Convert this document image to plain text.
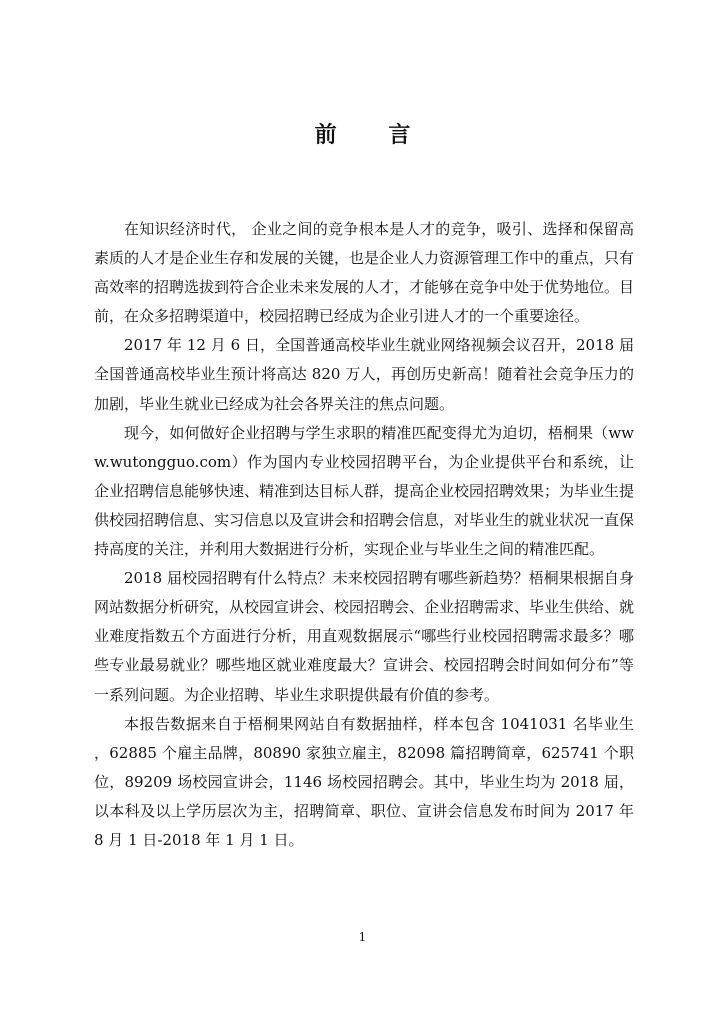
前 言

在知识经济时代， 企业之间的竞争根本是人才的竞争，吸引、选择和保留高素质的人才是企业生存和发展的关键，也是企业人力资源管理工作中的重点，只有高效率的招聘选拔到符合企业未来发展的人才，才能够在竞争中处于优势地位。目前，在众多招聘渠道中，校园招聘已经成为企业引进人才的一个重要途径。

2017 年 12 月 6 日，全国普通高校毕业生就业网络视频会议召开，2018 届全国普通高校毕业生预计将高达 820 万人，再创历史新高！随着社会竞争压力的加剧，毕业生就业已经成为社会各界关注的焦点问题。

现今，如何做好企业招聘与学生求职的精准匹配变得尤为迫切，梧桐果（www.wutongguo.com）作为国内专业校园招聘平台，为企业提供平台和系统，让企业招聘信息能够快速、精准到达目标人群，提高企业校园招聘效果；为毕业生提供校园招聘信息、实习信息以及宣讲会和招聘会信息，对毕业生的就业状况一直保持高度的关注，并利用大数据进行分析，实现企业与毕业生之间的精准匹配。

2018 届校园招聘有什么特点？未来校园招聘有哪些新趋势？梧桐果根据自身网站数据分析研究，从校园宣讲会、校园招聘会、企业招聘需求、毕业生供给、就业难度指数五个方面进行分析，用直观数据展示“哪些行业校园招聘需求最多？哪些专业最易就业？哪些地区就业难度最大？宣讲会、校园招聘会时间如何分布”等一系列问题。为企业招聘、毕业生求职提供最有价值的参考。

本报告数据来自于梧桐果网站自有数据抽样，样本包含 1041031 名毕业生，62885 个雇主品牌，80890 家独立雇主，82098 篇招聘简章，625741 个职位，89209 场校园宣讲会，1146 场校园招聘会。其中，毕业生均为 2018 届，以本科及以上学历层次为主，招聘简章、职位、宣讲会信息发布时间为 2017 年 8 月 1 日-2018 年 1 月 1 日。

1
